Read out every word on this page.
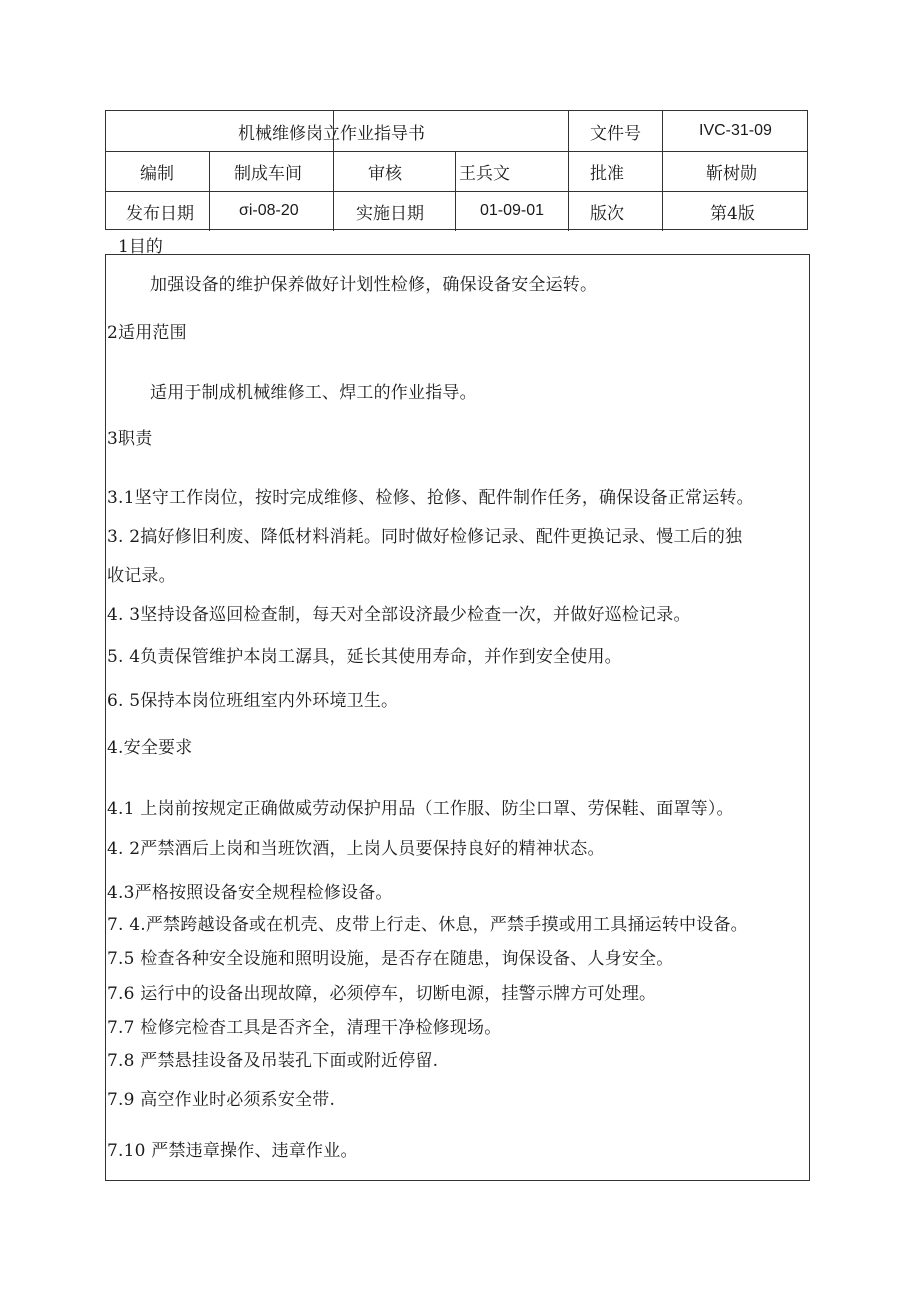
机械维修岗立作业指导书	文件号	IVC-31-09
编制	制成车间	审核	王兵文	批准	靳树勋
发布日期	σi-08-20	实施日期	01-09-01	版次	第4版
1目的
加强设备的维护保养做好计划性检修，确保设备安全运转。
2适用范围
适用于制成机械维修工、焊工的作业指导。
3职责
3.1坚守工作岗位，按时完成维修、检修、抢修、配件制作任务，确保设备正常运转。
3. 2搞好修旧利废、降低材料消耗。同时做好检修记录、配件更换记录、慢工后的独
收记录。
4. 3坚持设备巡回检查制，每天对全部设济最少检查一次，并做好巡检记录。
5. 4负责保管维护本岗工潺具，延长其使用寿命，并作到安全使用。
6. 5保持本岗位班组室内外环境卫生。
4.安全要求
4.1 上岗前按规定正确做威劳动保护用品（工作服、防尘口罩、劳保鞋、面罩等）。
4. 2严禁酒后上岗和当班饮酒，上岗人员要保持良好的精神状态。
4.3严格按照设备安全规程检修设备。
7. 4.严禁跨越设备或在机壳、皮带上行走、休息，严禁手摸或用工具捅运转中设备。
7.5 检查各种安全设施和照明设施，是否存在随患，询保设备、人身安全。
7.6 运行中的设备出现故障，必须停车，切断电源，挂警示牌方可处理。
7.7 检修完检杳工具是否齐全，清理干净检修现场。
7.8 严禁悬挂设备及吊装孔下面或附近停留.
7.9 高空作业时必须系安全带.
7.10 严禁违章操作、违章作业。
